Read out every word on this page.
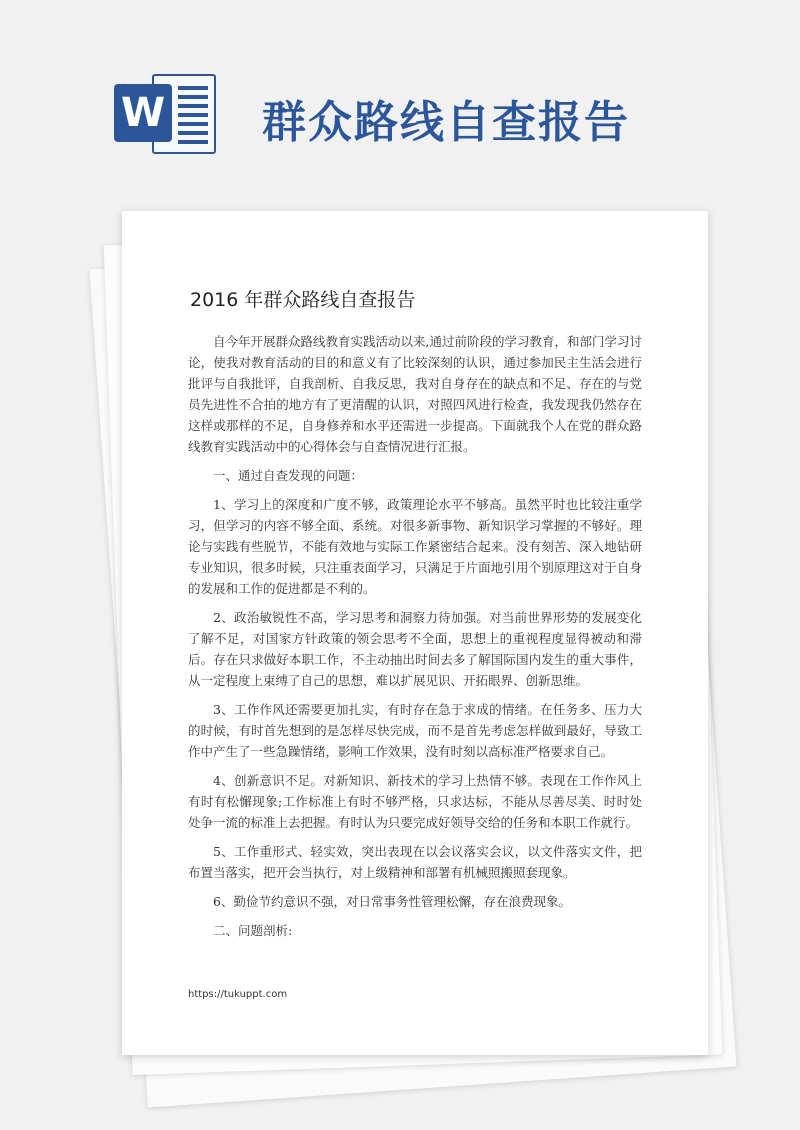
W 群众路线自查报告
2016 年群众路线自查报告

自今年开展群众路线教育实践活动以来,通过前阶段的学习教育，和部门学习讨论，使我对教育活动的目的和意义有了比较深刻的认识，通过参加民主生活会进行批评与自我批评，自我剖析、自我反思，我对自身存在的缺点和不足、存在的与党员先进性不合拍的地方有了更清醒的认识，对照四风进行检查，我发现我仍然存在这样或那样的不足，自身修养和水平还需进一步提高。下面就我个人在党的群众路线教育实践活动中的心得体会与自查情况进行汇报。

一、通过自查发现的问题：

1、学习上的深度和广度不够，政策理论水平不够高。虽然平时也比较注重学习，但学习的内容不够全面、系统。对很多新事物、新知识学习掌握的不够好。理论与实践有些脱节，不能有效地与实际工作紧密结合起来。没有刻苦、深入地钻研专业知识，很多时候，只注重表面学习，只满足于片面地引用个别原理这对于自身的发展和工作的促进都是不利的。

2、政治敏锐性不高，学习思考和洞察力待加强。对当前世界形势的发展变化了解不足，对国家方针政策的领会思考不全面，思想上的重视程度显得被动和滞后。存在只求做好本职工作，不主动抽出时间去多了解国际国内发生的重大事件，从一定程度上束缚了自己的思想，难以扩展见识、开拓眼界、创新思维。

3、工作作风还需要更加扎实，有时存在急于求成的情绪。在任务多、压力大的时候，有时首先想到的是怎样尽快完成，而不是首先考虑怎样做到最好，导致工作中产生了一些急躁情绪，影响工作效果，没有时刻以高标准严格要求自己。

4、创新意识不足。对新知识、新技术的学习上热情不够。表现在工作作风上有时有松懈现象;工作标准上有时不够严格，只求达标，不能从尽善尽美、时时处处争一流的标准上去把握。有时认为只要完成好领导交给的任务和本职工作就行。

5、工作重形式、轻实效，突出表现在以会议落实会议，以文件落实文件，把布置当落实，把开会当执行，对上级精神和部署有机械照搬照套现象。

6、勤俭节约意识不强，对日常事务性管理松懈，存在浪费现象。

二、问题剖析:

https://tukuppt.com
